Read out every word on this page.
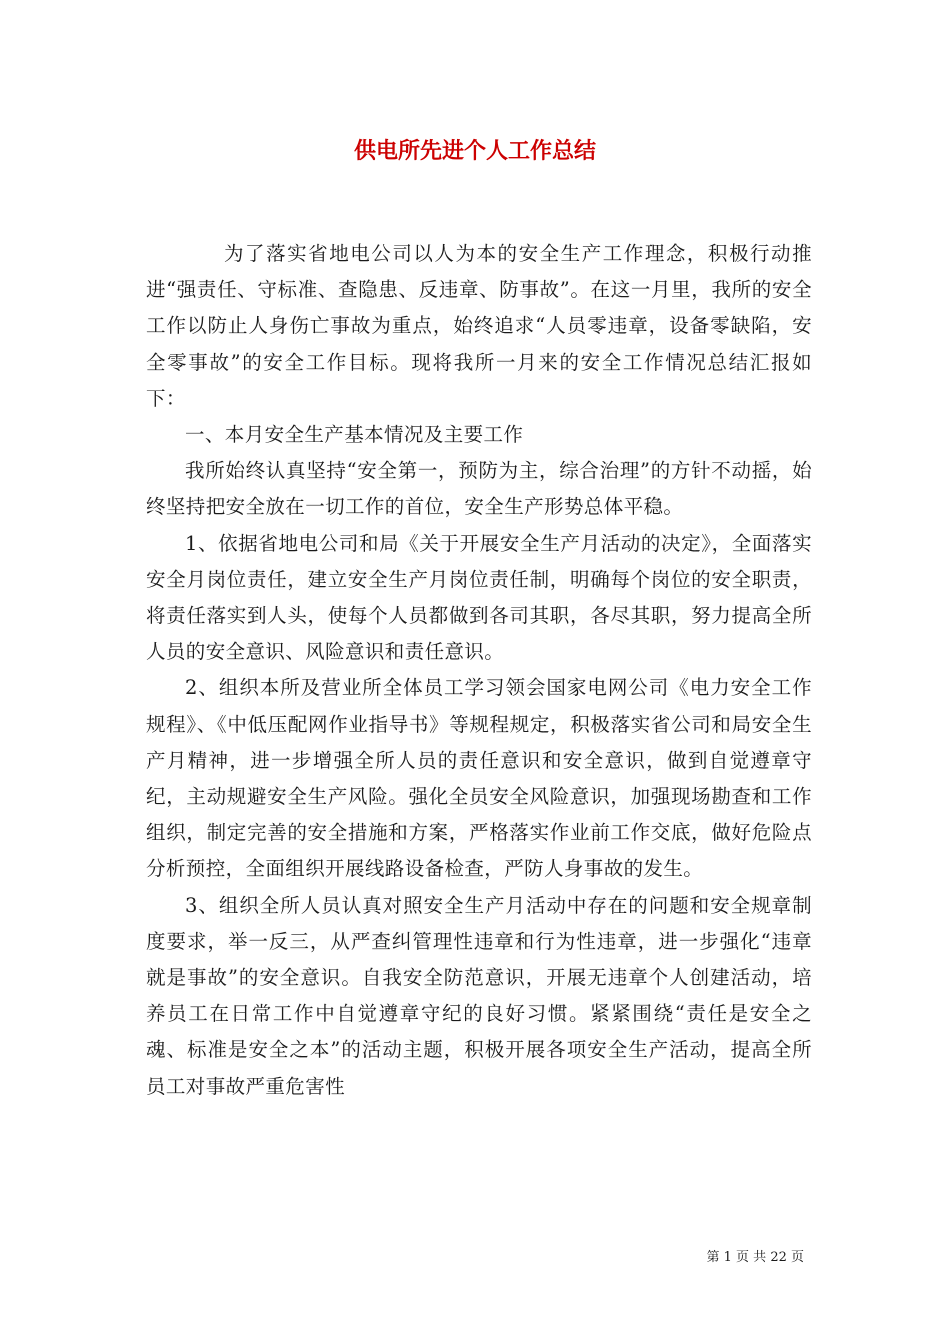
供电所先进个人工作总结

为了落实省地电公司以人为本的安全生产工作理念，积极行动推进“强责任、守标准、查隐患、反违章、防事故”。在这一月里，我所的安全工作以防止人身伤亡事故为重点，始终追求“人员零违章，设备零缺陷，安全零事故”的安全工作目标。现将我所一月来的安全工作情况总结汇报如下：

一、本月安全生产基本情况及主要工作

我所始终认真坚持“安全第一，预防为主，综合治理”的方针不动摇，始终坚持把安全放在一切工作的首位，安全生产形势总体平稳。

1、依据省地电公司和局《关于开展安全生产月活动的决定》，全面落实安全月岗位责任，建立安全生产月岗位责任制，明确每个岗位的安全职责，将责任落实到人头，使每个人员都做到各司其职，各尽其职，努力提高全所人员的安全意识、风险意识和责任意识。

2、组织本所及营业所全体员工学习领会国家电网公司《电力安全工作规程》、《中低压配网作业指导书》等规程规定，积极落实省公司和局安全生产月精神，进一步增强全所人员的责任意识和安全意识，做到自觉遵章守纪，主动规避安全生产风险。强化全员安全风险意识，加强现场勘查和工作组织，制定完善的安全措施和方案，严格落实作业前工作交底，做好危险点分析预控，全面组织开展线路设备检查，严防人身事故的发生。

3、组织全所人员认真对照安全生产月活动中存在的问题和安全规章制度要求，举一反三，从严查纠管理性违章和行为性违章，进一步强化“违章就是事故”的安全意识。自我安全防范意识，开展无违章个人创建活动，培养员工在日常工作中自觉遵章守纪的良好习惯。紧紧围绕“责任是安全之魂、标准是安全之本”的活动主题，积极开展各项安全生产活动，提高全所员工对事故严重危害性

第 1 页 共 22 页
